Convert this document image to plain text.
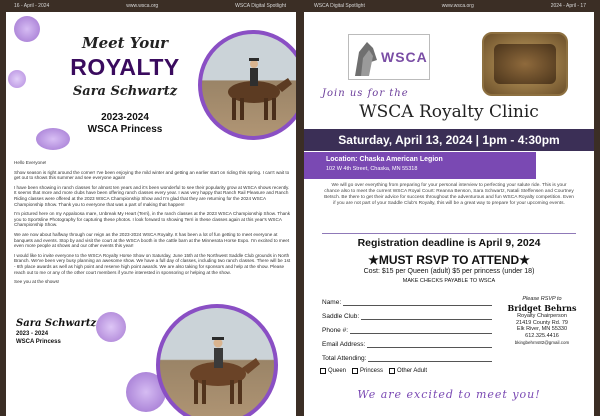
16 - April - 2024	www.wsca.org	WSCA Digital Spotlight	WSCA Digital Spotlight	www.wsca.org	2024 - April - 17
Meet Your
ROYALTY
Sara Schwartz
2023-2024
WSCA Princess

Hello Everyone!

Show season is right around the corner! I've been enjoying the mild winter and getting an earlier start on riding this spring. I can't wait to get out to shows this summer and see everyone again!

I have been showing in ranch classes for almost ten years and it's been wonderful to see their popularity grow at WSCA shows recently. It seems that more and more clubs have been offering ranch classes every year. I was very happy that Ranch Rail Pleasure and Ranch Riding classes were offered at the 2023 WSCA Championship Show and I'm glad that they are returning for the 2024 WSCA Championship Show. Thank you to everyone that was a part of making that happen!

I'm pictured here on my Appaloosa mare, Unbreak My Heart (Terri), in the ranch classes at the 2023 WSCA Championship Show. Thank you to Sportsline Photography for capturing these photos. I look forward to showing Terri in these classes again at this year's WSCA Championship Show.

We are now about halfway through our reign as the 2023-2024 WSCA Royalty. It has been a lot of fun getting to meet everyone at banquets and events. Stop by and visit the court at the WSCA booth in the cattle barn at the Minnesota Horse Expo. I'm excited to meet even more people at shows and our other events this year!

I would like to invite everyone to the WSCA Royalty Horse Show on Saturday, June 15th at the Northwest Saddle Club grounds in North Branch. We've been very busy planning an awesome show. We have a full day of classes, including two ranch classes. There will be 1st - 6th place awards as well as high point and reserve high point awards. We are also taking for sponsors and help at the show. Please reach out to me or any of the other court members if you're interested in sponsoring or helping at the show.

See you at the shows!

Sara Schwartz
2023 - 2024
WSCA Princess
WSCA
Join us for the
WSCA Royalty Clinic
Saturday, April 13, 2024 | 1pm - 4:30pm
Location: Chaska American Legion
102 W 4th Street, Chaska, MN 55318
We will go over everything from preparing for your personal interview to perfecting your salute ride. This is your chance also to meet the current WSCA Royal Court: Reanna Benson, Sara Schwartz, Natali Steffensen and Courtney Betsch. Be there to get their advice for success throughout the adventurous and fun WSCA Royalty competition. Even if you are not part of your Saddle Club's Royalty, this will be a great way to prepare for your upcoming events.
Registration deadline is April 9, 2024
★MUST RSVP TO ATTEND★
Cost: $15 per Queen (adult) $5 per princess (under 18)
MAKE CHECKS PAYABLE TO WSCA
Name:
Saddle Club:
Phone #:
Email Address:
Total Attending:
Please RSVP to
Bridget Behrns
Royalty Chairperson
21419 County Rd. 79
Elk River, MN 55330
612.325.4416
bkingbehrns82@gmail.com
Queen Princess Other Adult
We are excited to meet you!
